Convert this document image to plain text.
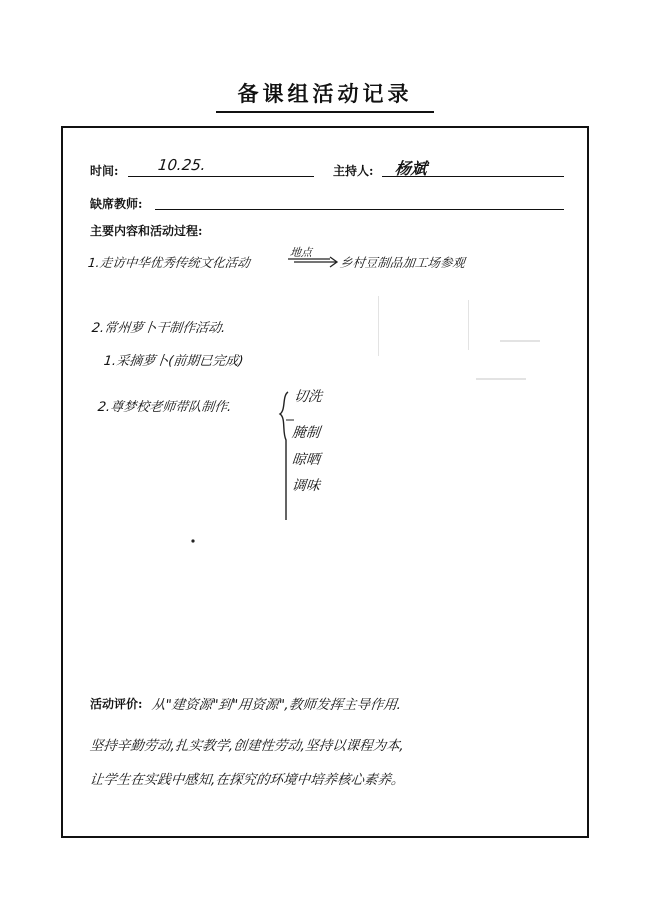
备课组活动记录
时间:	10.25.	主持人: 杨斌
缺席教师:
主要内容和活动过程:
1.走访中华优秀传统文化活动
地点
乡村豆制品加工场参观
2.常州萝卜干制作活动.
1.采摘萝卜(前期已完成)
2.尊梦校老师带队制作.
切洗
腌制
晾晒
调味
活动评价: 从"建资源"到"用资源",教师发挥主导作用.
坚持辛勤劳动,扎实教学,创建性劳动,坚持以课程为本,
让学生在实践中感知,在探究的环境中培养核心素养。
